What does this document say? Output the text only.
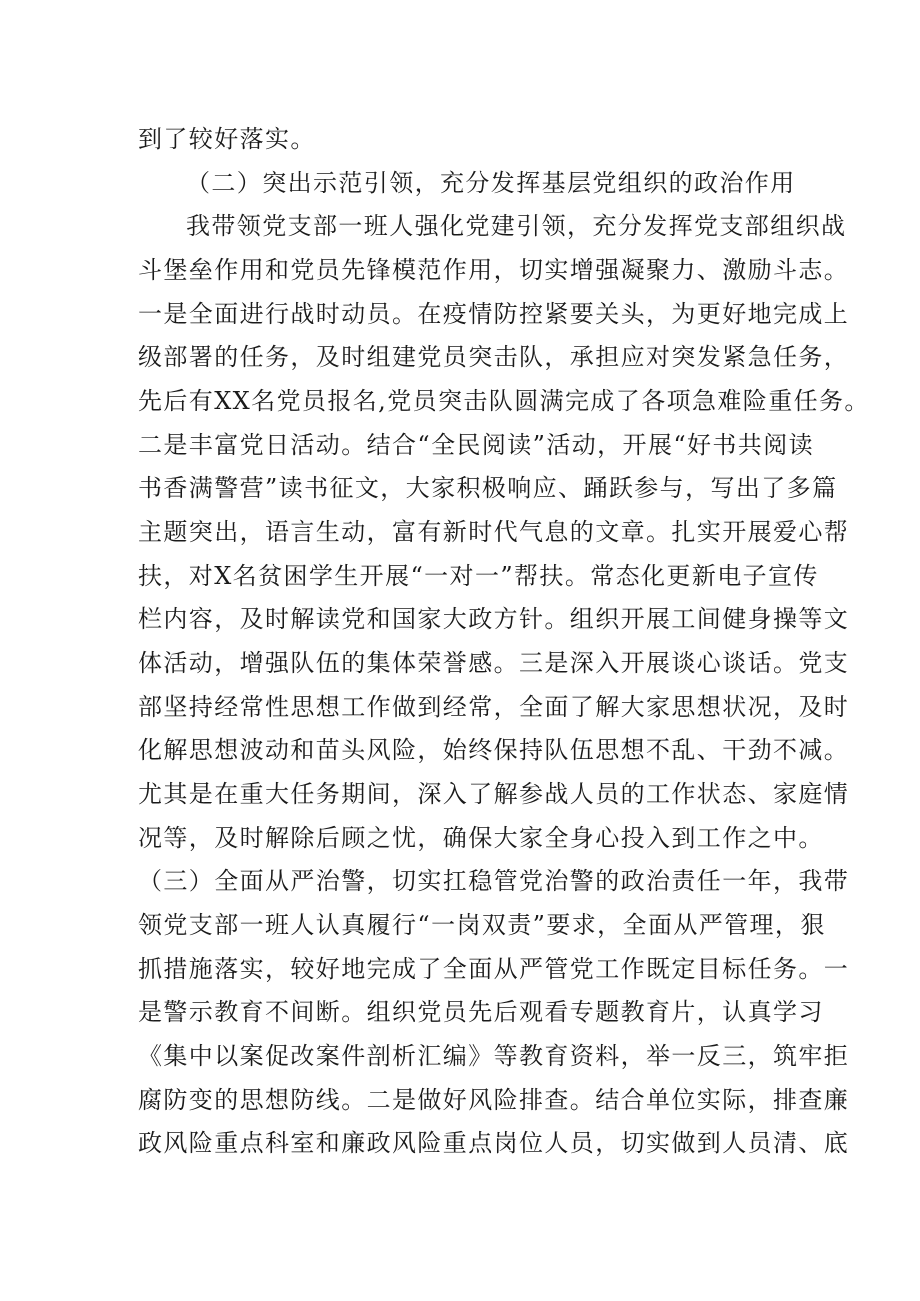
到了较好落实。
（二）突出示范引领，充分发挥基层党组织的政治作用
我带领党支部一班人强化党建引领，充分发挥党支部组织战
斗堡垒作用和党员先锋模范作用，切实增强凝聚力、激励斗志。
一是全面进行战时动员。在疫情防控紧要关头，为更好地完成上
级部署的任务，及时组建党员突击队，承担应对突发紧急任务，
先后有XX名党员报名,党员突击队圆满完成了各项急难险重任务。
二是丰富党日活动。结合“全民阅读”活动，开展“好书共阅读
书香满警营”读书征文，大家积极响应、踊跃参与，写出了多篇
主题突出，语言生动，富有新时代气息的文章。扎实开展爱心帮
扶，对X名贫困学生开展“一对一”帮扶。常态化更新电子宣传
栏内容，及时解读党和国家大政方针。组织开展工间健身操等文
体活动，增强队伍的集体荣誉感。三是深入开展谈心谈话。党支
部坚持经常性思想工作做到经常，全面了解大家思想状况，及时
化解思想波动和苗头风险，始终保持队伍思想不乱、干劲不减。
尤其是在重大任务期间，深入了解参战人员的工作状态、家庭情
况等，及时解除后顾之忧，确保大家全身心投入到工作之中。
（三）全面从严治警，切实扛稳管党治警的政治责任一年，我带
领党支部一班人认真履行“一岗双责”要求，全面从严管理，狠
抓措施落实，较好地完成了全面从严管党工作既定目标任务。一
是警示教育不间断。组织党员先后观看专题教育片，认真学习
《集中以案促改案件剖析汇编》等教育资料，举一反三，筑牢拒
腐防变的思想防线。二是做好风险排查。结合单位实际，排查廉
政风险重点科室和廉政风险重点岗位人员，切实做到人员清、底
